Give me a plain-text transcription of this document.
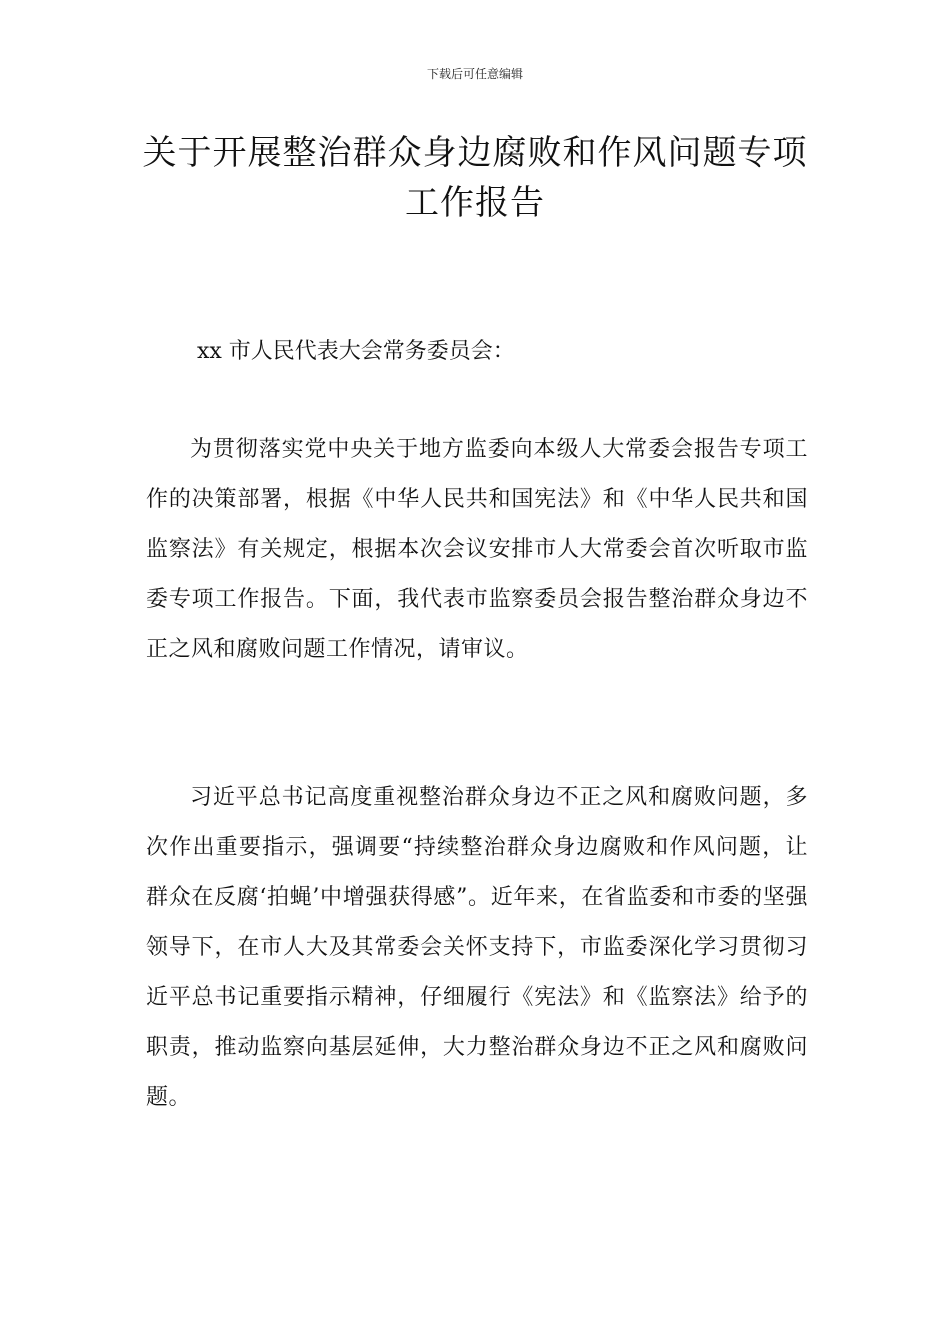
下载后可任意编辑
关于开展整治群众身边腐败和作风问题专项工作报告

xx 市人民代表大会常务委员会：

为贯彻落实党中央关于地方监委向本级人大常委会报告专项工作的决策部署，根据《中华人民共和国宪法》和《中华人民共和国监察法》有关规定，根据本次会议安排市人大常委会首次听取市监委专项工作报告。下面，我代表市监察委员会报告整治群众身边不正之风和腐败问题工作情况，请审议。

习近平总书记高度重视整治群众身边不正之风和腐败问题，多次作出重要指示，强调要“持续整治群众身边腐败和作风问题，让群众在反腐‘拍蝇’中增强获得感”。近年来，在省监委和市委的坚强领导下，在市人大及其常委会关怀支持下，市监委深化学习贯彻习近平总书记重要指示精神，仔细履行《宪法》和《监察法》给予的职责，推动监察向基层延伸，大力整治群众身边不正之风和腐败问题。
